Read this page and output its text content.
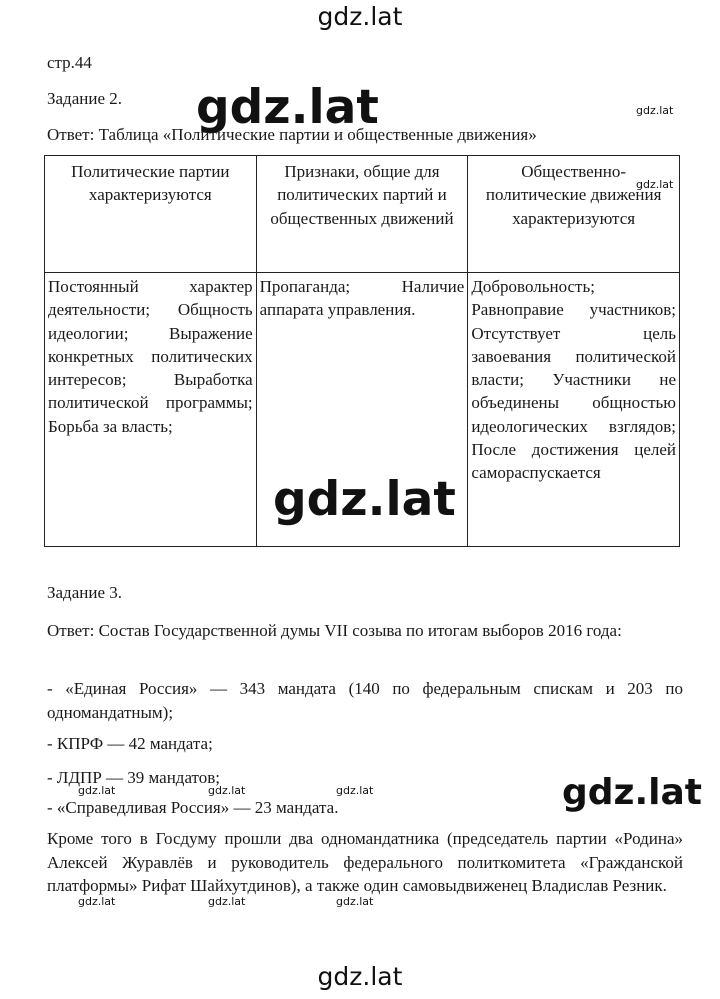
gdz.lat
gdz.lat	gdz.lat
gdz.lat
стр.44
Задание 2.
Ответ: Таблица «Политические партии и общественные движения»
Политические партии характеризуются	Признаки, общие для политических партий и общественных движений	Общественно-политические движения характеризуются
Постоянный характер деятельности; Общность идеологии; Выражение конкретных политических интересов; Выработка политической программы; Борьба за власть;	Пропаганда; Наличие аппарата управления.	Добровольность; Равноправие участников; Отсутствует цель завоевания политической власти; Участники не объединены общностью идеологических взглядов; После достижения целей самораспускается
gdz.lat
Задание 3.
Ответ: Состав Государственной думы VII созыва по итогам выборов 2016 года:
- «Единая Россия» — 343 мандата (140 по федеральным спискам и 203 по одномандатным);
- КПРФ — 42 мандата;
- ЛДПР — 39 мандатов;
- «Справедливая Россия» — 23 мандата.
gdz.lat	gdz.lat	gdz.lat	gdz.lat
Кроме того в Госдуму прошли два одномандатника (председатель партии «Родина» Алексей Журавлёв и руководитель федерального политкомитета «Гражданской платформы» Рифат Шайхутдинов), а также один самовыдвиженец Владислав Резник.
gdz.lat	gdz.lat	gdz.lat
gdz.lat
